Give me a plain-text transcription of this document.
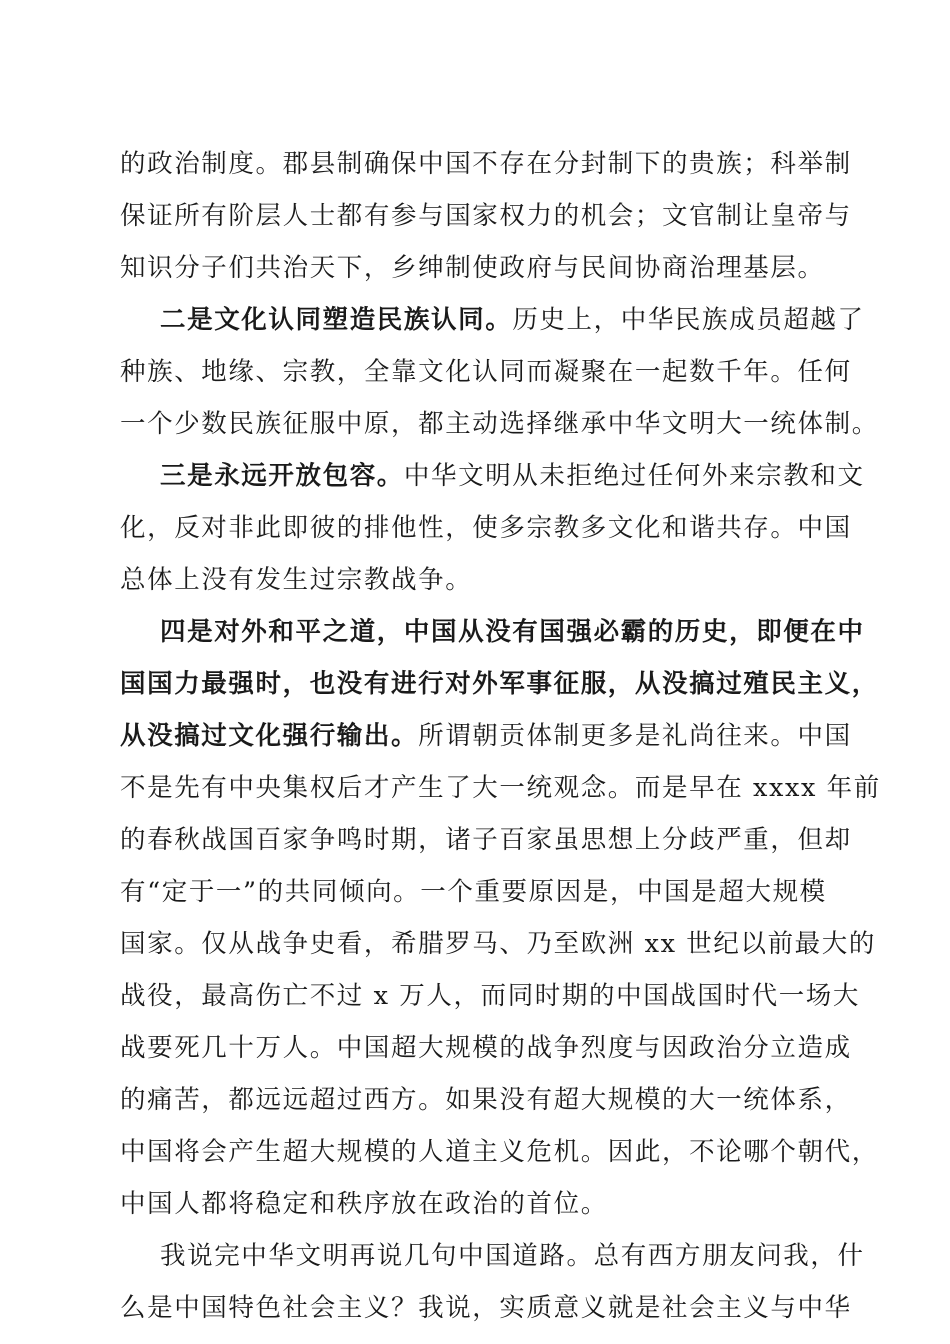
的政治制度。郡县制确保中国不存在分封制下的贵族；科举制
保证所有阶层人士都有参与国家权力的机会；文官制让皇帝与
知识分子们共治天下，乡绅制使政府与民间协商治理基层。
二是文化认同塑造民族认同。历史上，中华民族成员超越了
种族、地缘、宗教，全靠文化认同而凝聚在一起数千年。任何
一个少数民族征服中原，都主动选择继承中华文明大一统体制。
三是永远开放包容。中华文明从未拒绝过任何外来宗教和文
化，反对非此即彼的排他性，使多宗教多文化和谐共存。中国
总体上没有发生过宗教战争。
四是对外和平之道，中国从没有国强必霸的历史，即便在中
国国力最强时，也没有进行对外军事征服，从没搞过殖民主义，
从没搞过文化强行输出。所谓朝贡体制更多是礼尚往来。中国
不是先有中央集权后才产生了大一统观念。而是早在 xxxx 年前
的春秋战国百家争鸣时期，诸子百家虽思想上分歧严重，但却
有“定于一”的共同倾向。一个重要原因是，中国是超大规模
国家。仅从战争史看，希腊罗马、乃至欧洲 xx 世纪以前最大的
战役，最高伤亡不过 x 万人，而同时期的中国战国时代一场大
战要死几十万人。中国超大规模的战争烈度与因政治分立造成
的痛苦，都远远超过西方。如果没有超大规模的大一统体系，
中国将会产生超大规模的人道主义危机。因此，不论哪个朝代，
中国人都将稳定和秩序放在政治的首位。
我说完中华文明再说几句中国道路。总有西方朋友问我，什
么是中国特色社会主义？我说，实质意义就是社会主义与中华
